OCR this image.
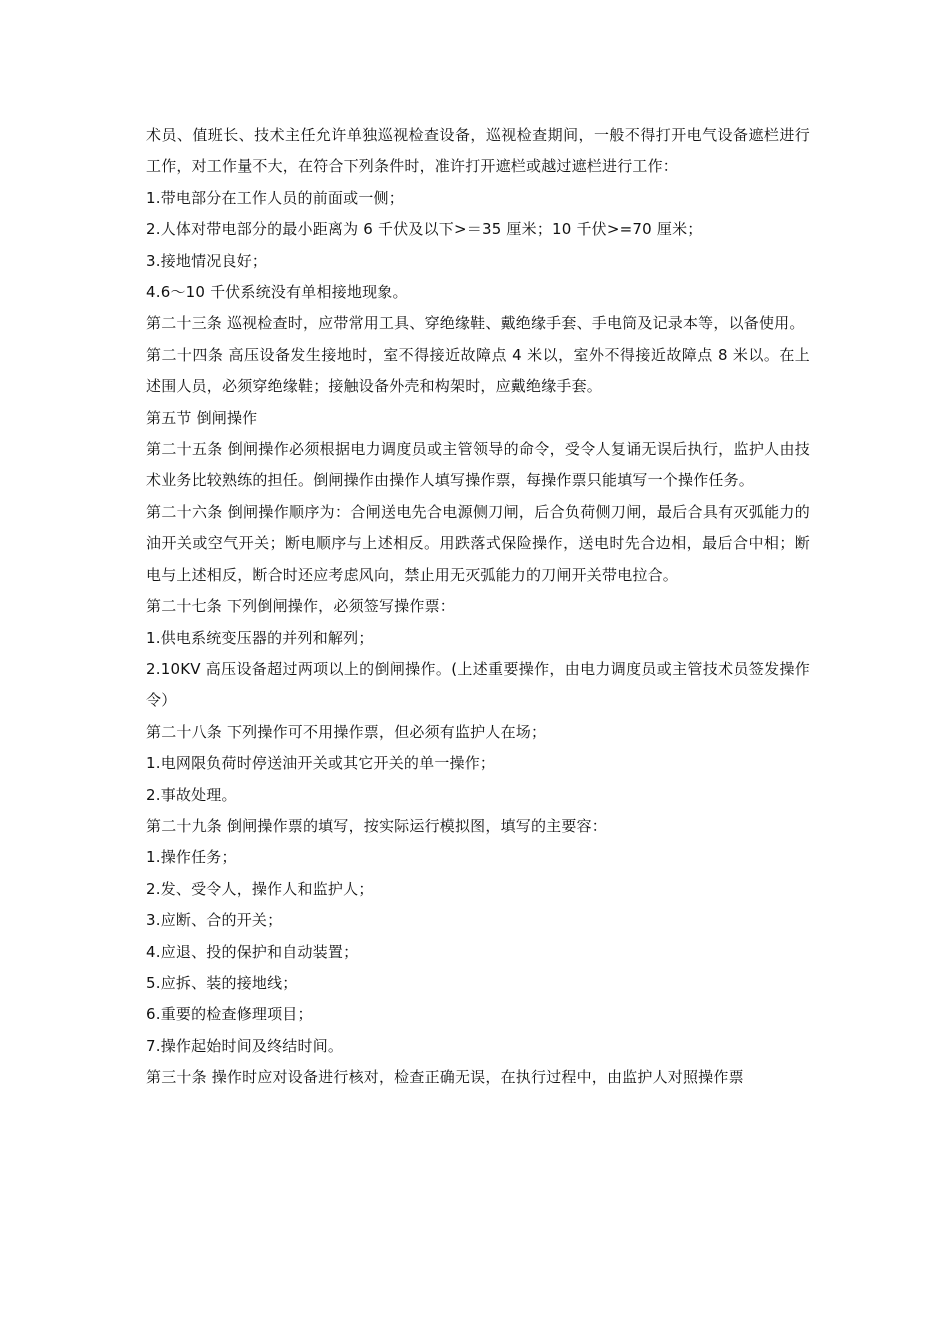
术员、值班长、技术主任允许单独巡视检查设备，巡视检查期间，一般不得打开电气设备遮栏进行工作，对工作量不大，在符合下列条件时，准许打开遮栏或越过遮栏进行工作：

1.带电部分在工作人员的前面或一侧；

2.人体对带电部分的最小距离为 6 千伏及以下>＝35 厘米；10 千伏>=70 厘米；

3.接地情况良好；

4.6～10 千伏系统没有单相接地现象。

第二十三条 巡视检查时，应带常用工具、穿绝缘鞋、戴绝缘手套、手电筒及记录本等，以备使用。

第二十四条 高压设备发生接地时，室不得接近故障点 4 米以，室外不得接近故障点 8 米以。在上述围人员，必须穿绝缘鞋；接触设备外壳和构架时，应戴绝缘手套。

第五节 倒闸操作

第二十五条 倒闸操作必须根据电力调度员或主管领导的命令，受令人复诵无误后执行，监护人由技术业务比较熟练的担任。倒闸操作由操作人填写操作票，每操作票只能填写一个操作任务。

第二十六条 倒闸操作顺序为：合闸送电先合电源侧刀闸，后合负荷侧刀闸，最后合具有灭弧能力的油开关或空气开关；断电顺序与上述相反。用跌落式保险操作，送电时先合边相，最后合中相；断电与上述相反，断合时还应考虑风向，禁止用无灭弧能力的刀闸开关带电拉合。

第二十七条 下列倒闸操作，必须签写操作票：

1.供电系统变压器的并列和解列；

2.10KV 高压设备超过两项以上的倒闸操作。(上述重要操作，由电力调度员或主管技术员签发操作令）

第二十八条 下列操作可不用操作票，但必须有监护人在场；

1.电网限负荷时停送油开关或其它开关的单一操作；

2.事故处理。

第二十九条 倒闸操作票的填写，按实际运行模拟图，填写的主要容：

1.操作任务；

2.发、受令人，操作人和监护人；

3.应断、合的开关；

4.应退、投的保护和自动装置；

5.应拆、装的接地线；

6.重要的检查修理项目；

7.操作起始时间及终结时间。

第三十条 操作时应对设备进行核对，检查正确无误，在执行过程中，由监护人对照操作票
